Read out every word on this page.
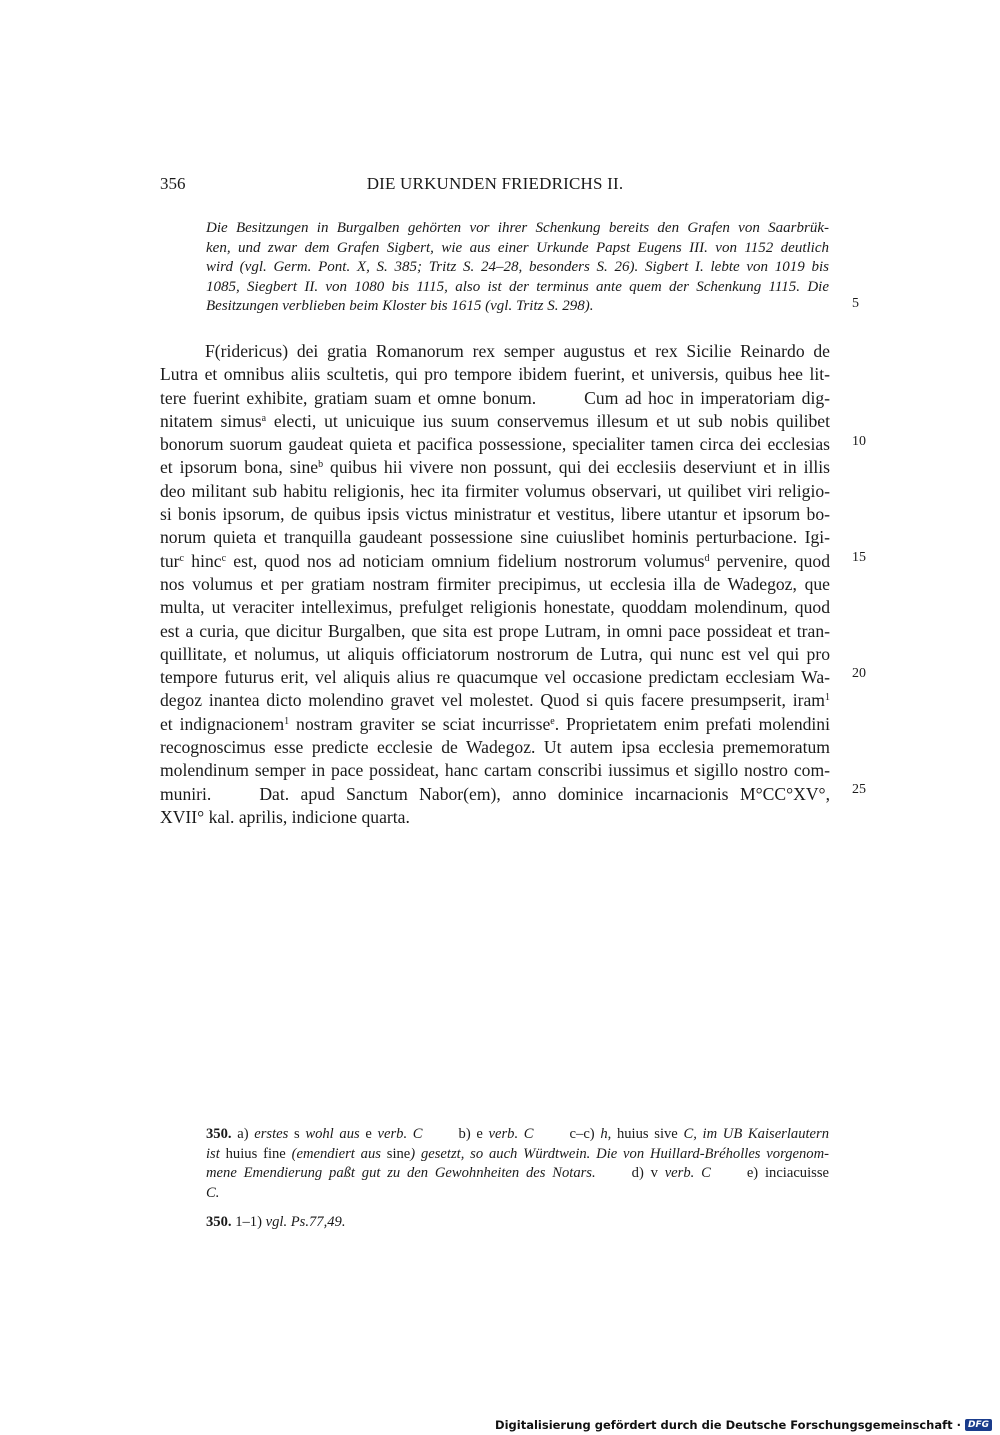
356	DIE URKUNDEN FRIEDRICHS II.
Die Besitzungen in Burgalben gehörten vor ihrer Schenkung bereits den Grafen von Saarbrük-
ken, und zwar dem Grafen Sigbert, wie aus einer Urkunde Papst Eugens III. von 1152 deutlich
wird (vgl. Germ. Pont. X, S. 385; Tritz S. 24–28, besonders S. 26). Sigbert I. lebte von 1019 bis
1085, Siegbert II. von 1080 bis 1115, also ist der terminus ante quem der Schenkung 1115. Die
Besitzungen verblieben beim Kloster bis 1615 (vgl. Tritz S. 298).
F(ridericus) dei gratia Romanorum rex semper augustus et rex Sicilie Reinardo de
Lutra et omnibus aliis scultetis, qui pro tempore ibidem fuerint, et universis, quibus hee lit-
tere fuerint exhibite, gratiam suam et omne bonum.	Cum ad hoc in imperatoriam dig-
nitatem simus$^a$ electi, ut unicuique ius suum conservemus illesum et ut sub nobis quilibet
bonorum suorum gaudeat quieta et pacifica possessione, specialiter tamen circa dei ecclesias
et ipsorum bona, sine$^b$ quibus hii vivere non possunt, qui dei ecclesiis deserviunt et in illis
deo militant sub habitu religionis, hec ita firmiter volumus observari, ut quilibet viri religio-
si bonis ipsorum, de quibus ipsis victus ministratur et vestitus, libere utantur et ipsorum bo-
norum quieta et tranquilla gaudeant possessione sine cuiuslibet hominis perturbacione. Igi-
tur$^c$ hinc$^c$ est, quod nos ad noticiam omnium fidelium nostrorum volumus$^d$ pervenire, quod
nos volumus et per gratiam nostram firmiter precipimus, ut ecclesia illa de Wadegoz, que
multa, ut veraciter intelleximus, prefulget religionis honestate, quoddam molendinum, quod
est a curia, que dicitur Burgalben, que sita est prope Lutram, in omni pace possideat et tran-
quillitate, et nolumus, ut aliquis officiatorum nostrorum de Lutra, qui nunc est vel qui pro
tempore futurus erit, vel aliquis alius re quacumque vel occasione predictam ecclesiam Wa-
degoz inantea dicto molendino gravet vel molestet. Quod si quis facere presumpserit, iram$^1$
et indignacionem$^1$ nostram graviter se sciat incurrisse$^e$. Proprietatem enim prefati molendini
recognoscimus esse predicte ecclesie de Wadegoz. Ut autem ipsa ecclesia prememoratum
molendinum semper in pace possideat, hanc cartam conscribi iussimus et sigillo nostro com-
muniri.	Dat. apud Sanctum Nabor(em), anno dominice incarnacionis M°CC°XV°,
XVII° kal. aprilis, indicione quarta.
5
10
15
20
25
350. a) erstes s wohl aus e verb. C b) e verb. C c–c) h, huius sive C, im UB Kaiserlautern
ist huius fine (emendiert aus sine) gesetzt, so auch Würdtwein. Die von Huillard-Bréholles vorgenom-
mene Emendierung paßt gut zu den Gewohnheiten des Notars. d) v verb. C e) inciacuisse
C.
350. 1–1) vgl. Ps.77,49.
Digitalisierung gefördert durch die Deutsche Forschungsgemeinschaft · DFG
